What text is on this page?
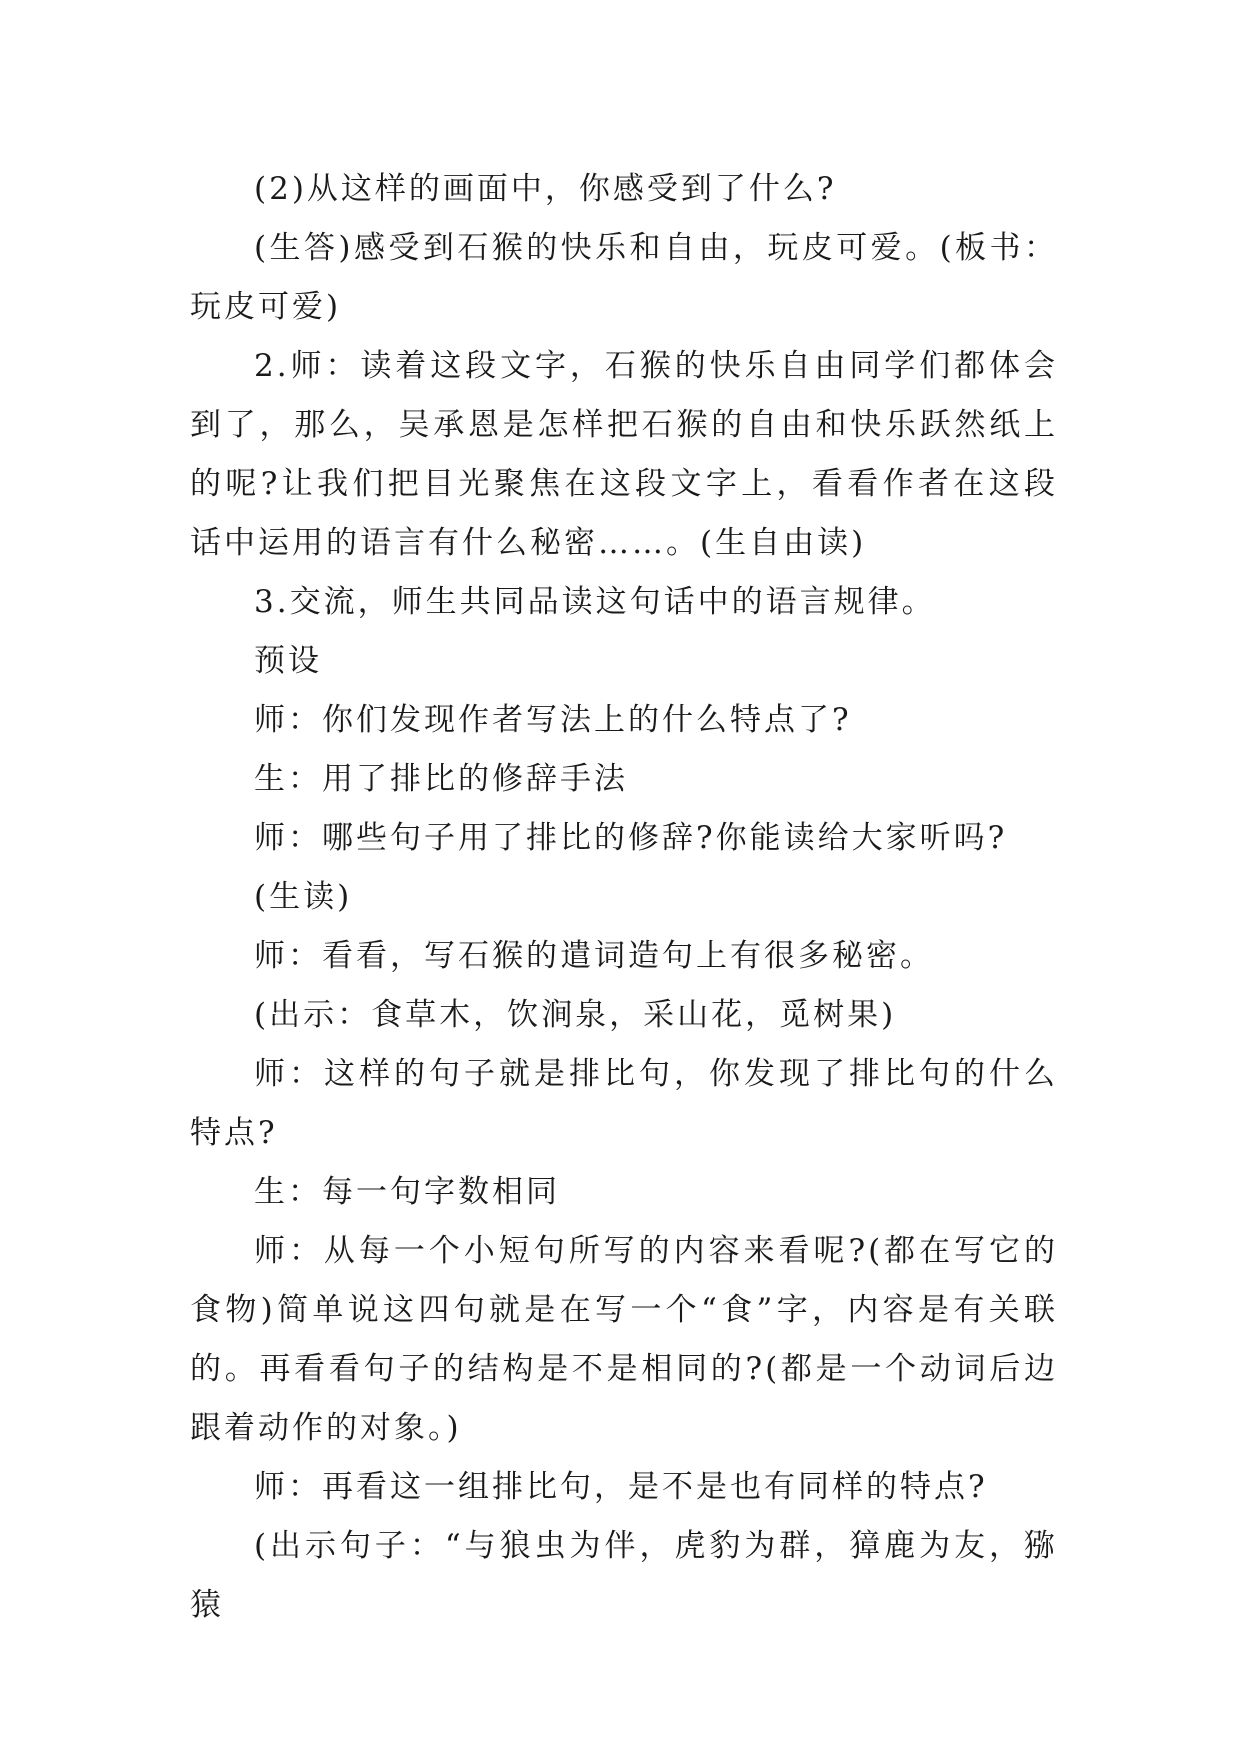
(2)从这样的画面中，你感受到了什么?

(生答)感受到石猴的快乐和自由，玩皮可爱。(板书：玩皮可爱)

2.师：读着这段文字，石猴的快乐自由同学们都体会到了，那么，吴承恩是怎样把石猴的自由和快乐跃然纸上的呢?让我们把目光聚焦在这段文字上，看看作者在这段话中运用的语言有什么秘密……。(生自由读)

3.交流，师生共同品读这句话中的语言规律。

预设

师：你们发现作者写法上的什么特点了?

生：用了排比的修辞手法

师：哪些句子用了排比的修辞?你能读给大家听吗?

(生读)

师：看看，写石猴的遣词造句上有很多秘密。

(出示：食草木，饮涧泉，采山花，觅树果)

师：这样的句子就是排比句，你发现了排比句的什么特点?

生：每一句字数相同

师：从每一个小短句所写的内容来看呢?(都在写它的食物)简单说这四句就是在写一个“食”字，内容是有关联的。再看看句子的结构是不是相同的?(都是一个动词后边跟着动作的对象。)

师：再看这一组排比句，是不是也有同样的特点?

(出示句子：“与狼虫为伴，虎豹为群，獐鹿为友，猕猿
